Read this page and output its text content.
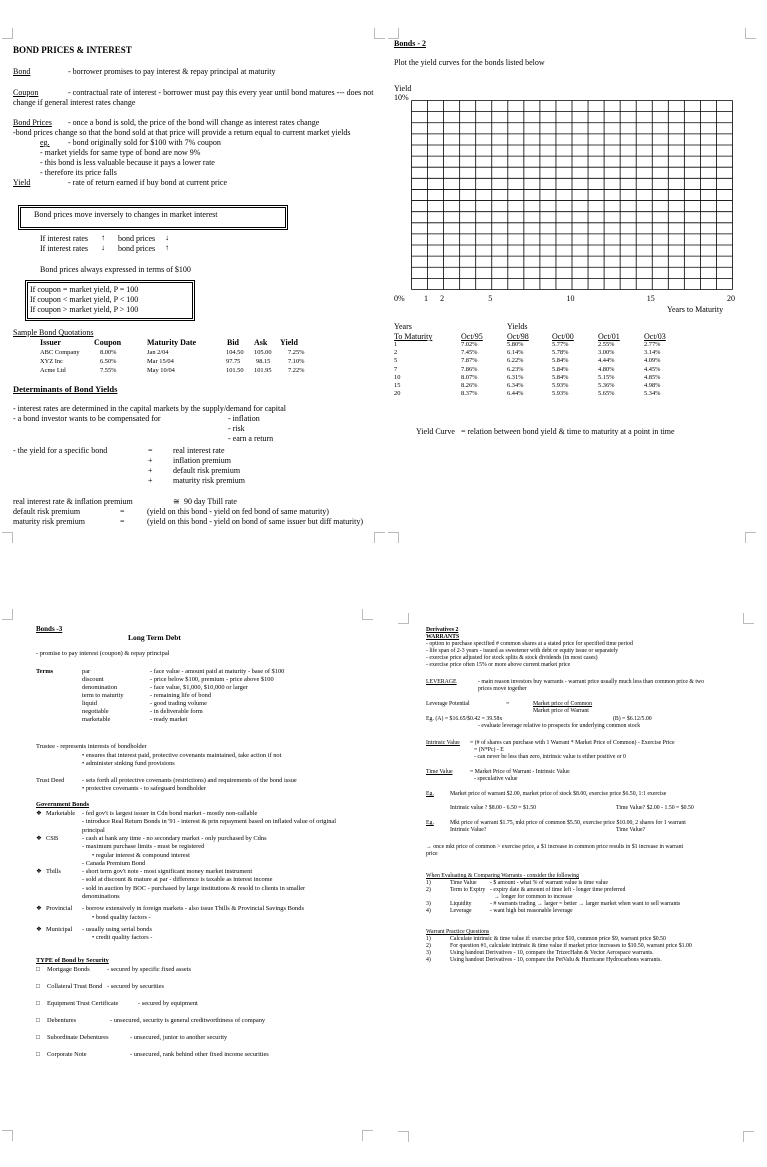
BOND PRICES & INTEREST
Bond	- borrower promises to pay interest & repay principal at maturity
Coupon	- contractual rate of interest - borrower must pay this every year until bond matures --- does not
change if general interest rates change
Bond Prices - once a bond is sold, the price of the bond will change as interest rates change
-bond prices change so that the bond sold at that price will provide a return equal to current market yields
eg. - bond originally sold for $100 with 7% coupon
- market yields for same type of bond are now 9%
- this bond is less valuable because it pays a lower rate
- therefore its price falls
Yield	- rate of return earned if buy bond at current price
Bond prices move inversely to changes in market interest
If interest rates ↑ bond prices ↓
If interest rates ↓ bond prices ↑
Bond prices always expressed in terms of $100
If coupon = market yield, P = 100
If coupon < market yield, P < 100
If coupon > market yield, P > 100
Sample Bond Quotations
Issuer	Coupon	Maturity Date	Bid Ask Yield
ABC Company	8.00%	Jan 2/04	104.50 105.00	7.25%
XYZ Inc	6.50%	Mar 15/04	97.75 98.15	7.10%
Acme Ltd	7.55%	May 10/04	101.50 101.95	7.22%
Determinants of Bond Yields
- interest rates are determined in the capital markets by the supply/demand for capital
- a bond investor wants to be compensated for	- inflation
- risk
- earn a return
- the yield for a specific bond	=	real interest rate
+	inflation premium
+	default risk premium
+	maturity risk premium
real interest rate & inflation premium	≅ 90 day Tbill rate
default risk premium	=	(yield on this bond - yield on fed bond of same maturity)
maturity risk premium	=	(yield on this bond - yield on bond of same issuer but diff maturity)
Bonds - 2
Plot the yield curves for the bonds listed below
Yield
10%
0% 1 2	5	10	15	20
Years to Maturity
Years
To Maturity
Yields
Oct/95	Oct/98	Oct/00	Oct/01	Oct/03
1	7.02%	5.80%	5.77%	2.55%	2.77%
2	7.45%	6.14%	5.78%	3.00%	3.14%
5	7.87%	6.22%	5.84%	4.44%	4.09%
7	7.86%	6.23%	5.84%	4.80%	4.45%
10	8.07%	6.31%	5.84%	5.15%	4.85%
15	8.26%	6.34%	5.93%	5.36%	4.98%
20	8.37%	6.44%	5.93%	5.65%	5.34%
Yield Curve = relation between bond yield & time to maturity at a point in time
Bonds -3
Long Term Debt
- promise to pay interest (coupon) & repay principal
Terms	par	- face value - amount paid at maturity - base of $100
discount	- price below $100, premium - price above $100
denomination	- face value, $1,000, $10,000 or larger
term to maturity	- remaining life of bond
liquid	- good trading volume
negotiable	- in deliverable form
marketable	- ready market
Trustee - represents interests of bondholder
• ensures that interest paid, protective covenants maintained, take action if not
• administer sinking fund provisions
Trust Deed	- sets forth all protective covenants (restrictions) and requirements of the bond issue
• protective covenants - to safeguard bondholder
Government Bonds
❖ Marketable - fed gov't is largest issuer in Cdn bond market - mostly non-callable
- introduce Real Return Bonds in '91 - interest & prin repayment based on inflated value of original
principal
❖ CSB	- cash at bank any time - no secondary market - only purchased by Cdns
- maximum purchase limits - must be registered
• regular interest & compound interest
- Canada Premium Bond
❖ Tbills	- short term gov't note - most significant money market instrument
- sold at discount & mature at par - difference is taxable as interest income
- sold in auction by BOC - purchased by large institutions & resold to clients in smaller
denominations
❖ Provincial - borrow extensively in foreign markets - also issue Tbills & Provincial Savings Bonds
• bond quality factors -
❖ Municipal - usually using serial bonds
• credit quality factors -
TYPE of Bond by Security
□ Mortgage Bonds	- secured by specific fixed assets
□ Collateral Trust Bond - secured by securities
□ Equipment Trust Certificate	- secured by equipment
□ Debentures	- unsecured, security is general creditworthiness of company
□ Subordinate Debentures	- unsecured, junior to another security
□ Corporate Note	- unsecured, rank behind other fixed income securities
Derivatives 2
WARRANTS
- option to purchase specified # common shares at a stated price for specified time period
- life span of 2-3 years - issued as sweetener with debt or equity issue or separately
- exercise price adjusted for stock splits & stock dividends (in most cases)
- exercise price often 15% or more above current market price
LEVERAGE	- main reason investors buy warrants - warrant price usually much less than common price & two
prices move together
Leverage Potential	=	Market price of Common
Market price of Warrant
Eg. (A) = $16.65/$0.42 = 39.58x	(B) = $6.12/5.00
- evaluate leverage relative to prospects for underlying common stock
Intrinsic Value = (# of shares can purchase with 1 Warrant * Market Price of Common) - Exercise Price
= (N*Pc) - E
- can never be less than zero, intrinsic value is either positive or 0
Time Value	= Market Price of Warrant - Intrinsic Value
- speculative value
Eg.	Market price of warrant $2.00, market price of stock $8.00, exercise price $6.50, 1:1 exercise
Intrinsic value ? $8.00 - 6.50 = $1.50	Time Value? $2.00 - 1.50 = $0.50
Eg.	Mkt price of warrant $1.75, mkt price of common $5.50, exercise price $10.00, 2 shares for 1 warrant
Intrinsic Value?	Time Value?
→ once mkt price of common > exercise price, a $1 increase in common price results in $1 increase in warrant
price
When Evaluating & Comparing Warrants - consider the following
1)	Time Value - $ amount - what % of warrant value is time value
2)	Term to Expiry - expiry date & amount of time left - longer time preferred
→ longer for common to increase
3)	Liquidity	- # warrants trading → larger = better → larger market when want to sell warrants
4)	Leverage	- want high but reasonable leverage
Warrant Practice Questions
1)	Calculate intrinsic & time value if: exercise price $10, common price $9, warrant price $0.50
2)	For question #1, calculate intrinsic & time value if market price increases to $10.50, warrant price $1.00
3)	Using handout Derivatives - 10, compare the TrizecHahn & Vector Aerospace warrants.
4)	Using handout Derivatives - 10, compare the PetVaIu & Hurricane Hydrocarbons warrants.
